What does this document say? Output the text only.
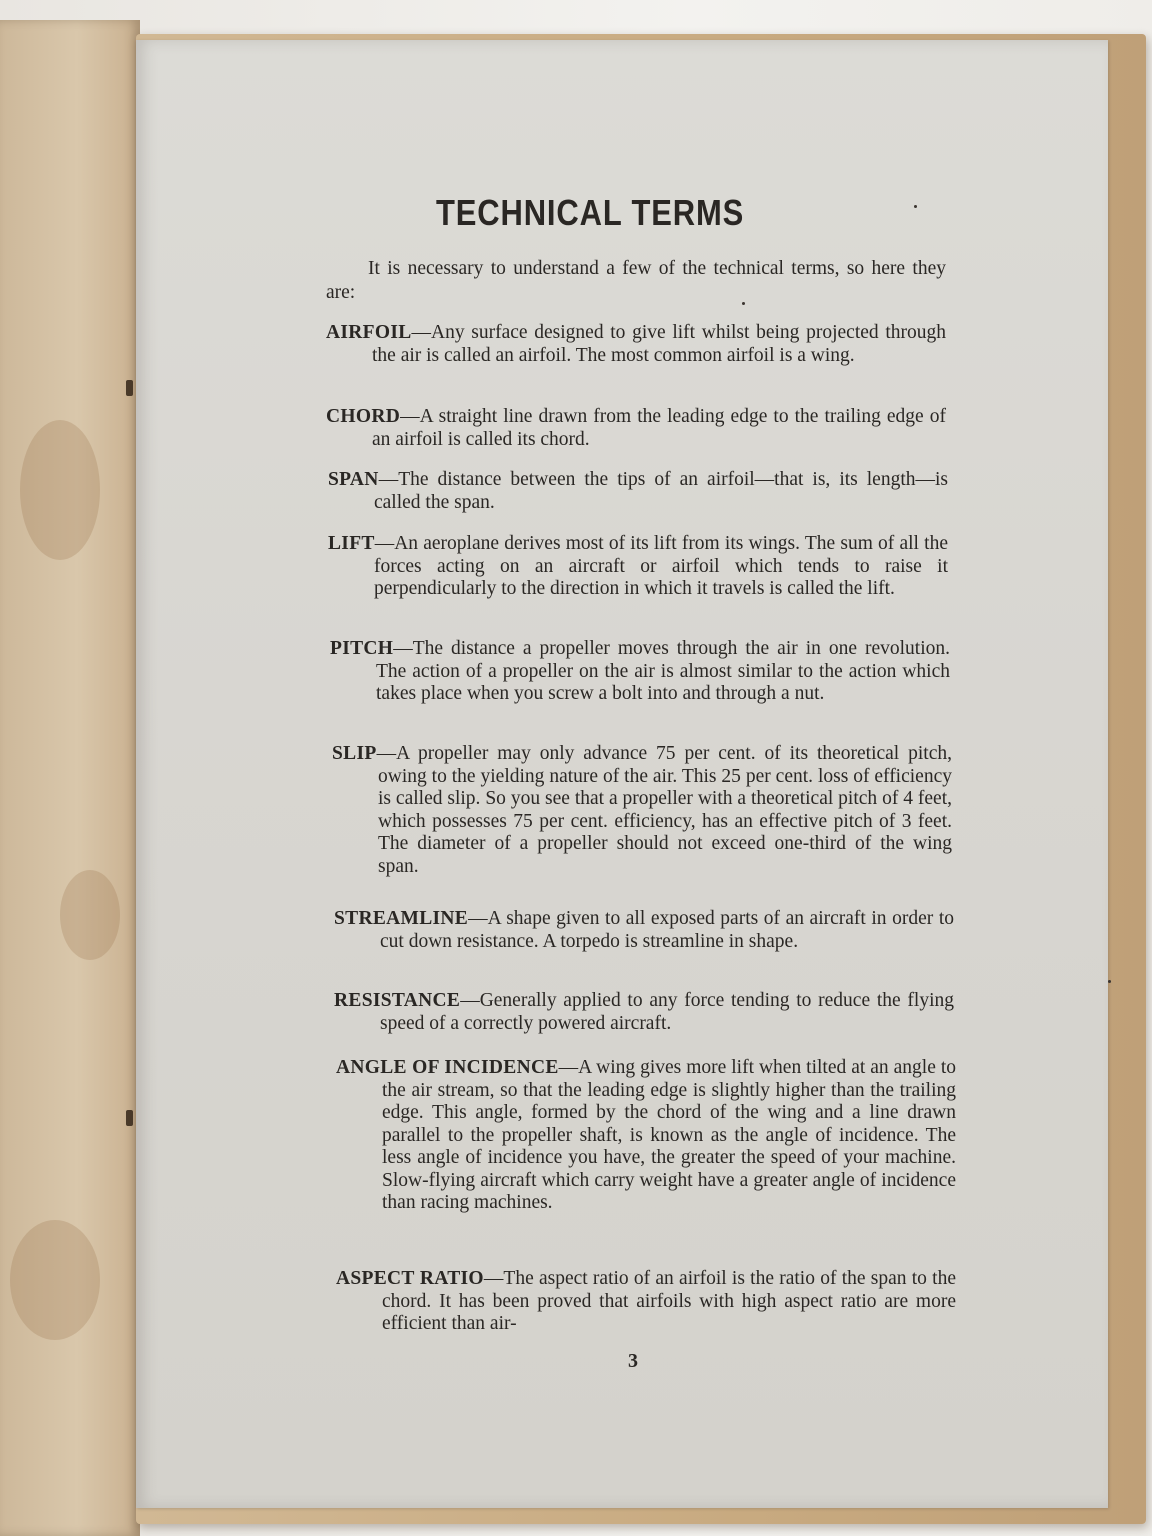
TECHNICAL TERMS
It is necessary to understand a few of the technical terms, so here they are:
AIRFOIL—Any surface designed to give lift whilst being projected through the air is called an airfoil. The most common airfoil is a wing.
CHORD—A straight line drawn from the leading edge to the trailing edge of an airfoil is called its chord.
SPAN—The distance between the tips of an airfoil—that is, its length—is called the span.
LIFT—An aeroplane derives most of its lift from its wings. The sum of all the forces acting on an aircraft or airfoil which tends to raise it perpendicularly to the direction in which it travels is called the lift.
PITCH—The distance a propeller moves through the air in one revolution. The action of a propeller on the air is almost similar to the action which takes place when you screw a bolt into and through a nut.
SLIP—A propeller may only advance 75 per cent. of its theoretical pitch, owing to the yielding nature of the air. This 25 per cent. loss of efficiency is called slip. So you see that a propeller with a theoretical pitch of 4 feet, which possesses 75 per cent. efficiency, has an effective pitch of 3 feet. The diameter of a propeller should not exceed one-third of the wing span.
STREAMLINE—A shape given to all exposed parts of an aircraft in order to cut down resistance. A torpedo is streamline in shape.
RESISTANCE—Generally applied to any force tending to reduce the flying speed of a correctly powered aircraft.
ANGLE OF INCIDENCE—A wing gives more lift when tilted at an angle to the air stream, so that the leading edge is slightly higher than the trailing edge. This angle, formed by the chord of the wing and a line drawn parallel to the propeller shaft, is known as the angle of incidence. The less angle of incidence you have, the greater the speed of your machine. Slow-flying aircraft which carry weight have a greater angle of incidence than racing machines.
ASPECT RATIO—The aspect ratio of an airfoil is the ratio of the span to the chord. It has been proved that airfoils with high aspect ratio are more efficient than air-
3
